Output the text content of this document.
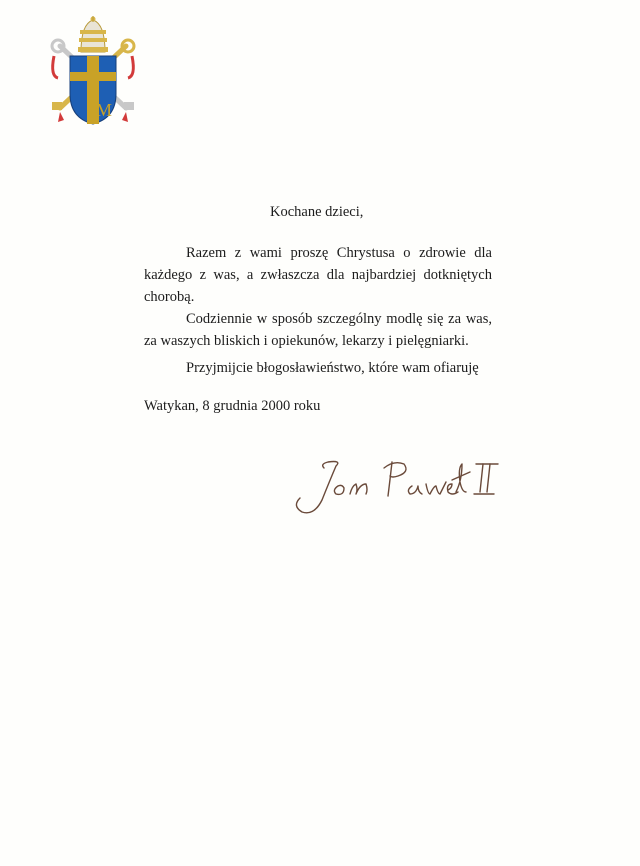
M

Kochane dzieci,

Razem z wami proszę Chrystusa o zdrowie dla każdego z was, a zwłaszcza dla najbardziej dotkniętych chorobą.

Codziennie w sposób szczególny modlę się za was, za waszych bliskich i opiekunów, lekarzy i pielęgniarki.

Przyjmijcie błogosławieństwo, które wam ofiaruję

Watykan, 8 grudnia 2000 roku
